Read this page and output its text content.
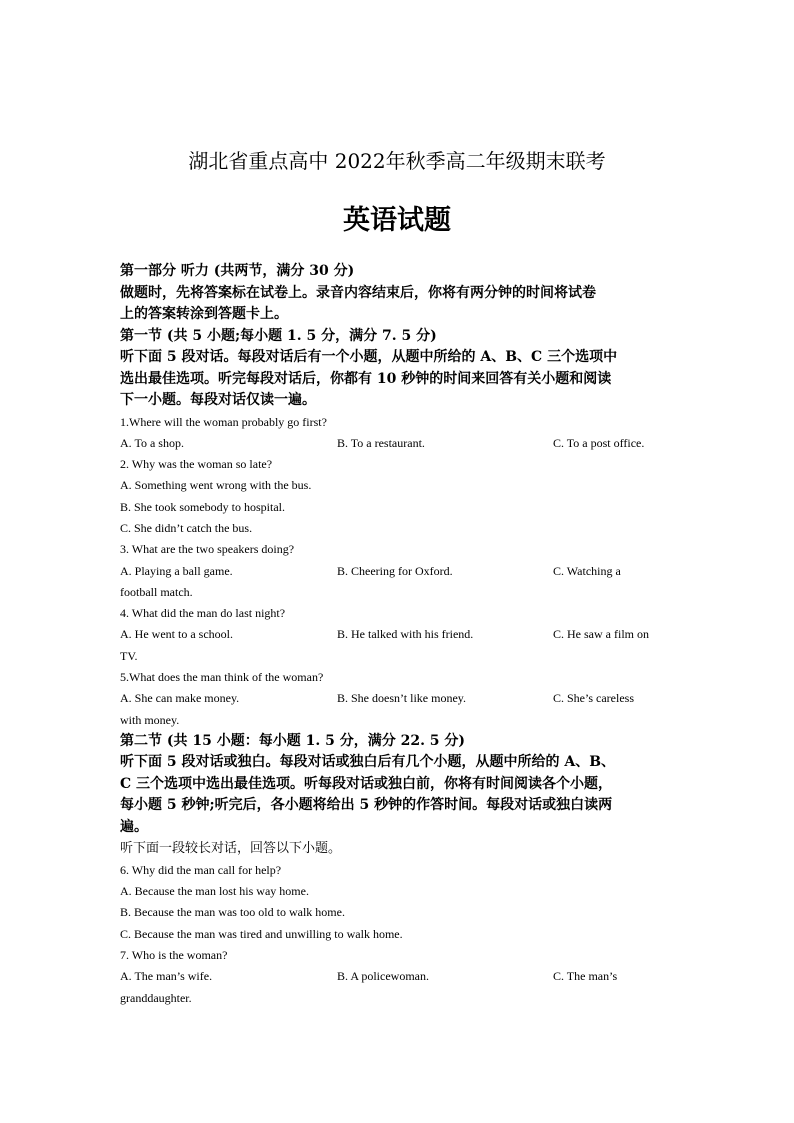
湖北省重点高中 2022年秋季高二年级期末联考
英语试题
第一部分 听力 (共两节，满分 30 分)
做题时，先将答案标在试卷上。录音内容结束后，你将有两分钟的时间将试卷
上的答案转涂到答题卡上。
第一节 (共 5 小题;每小题 1. 5 分，满分 7. 5 分)
听下面 5 段对话。每段对话后有一个小题，从题中所给的 A、B、C 三个选项中
选出最佳选项。听完每段对话后，你都有 10 秒钟的时间来回答有关小题和阅读
下一小题。每段对话仅读一遍。
1.Where will the woman probably go first?
A. To a shop.	B. To a restaurant.	C. To a post office.
2. Why was the woman so late?
A. Something went wrong with the bus.
B. She took somebody to hospital.
C. She didn’t catch the bus.
3. What are the two speakers doing?
A. Playing a ball game.	B. Cheering for Oxford.	C. Watching a
football match.
4. What did the man do last night?
A. He went to a school.	B. He talked with his friend.	C. He saw a film on
TV.
5.What does the man think of the woman?
A. She can make money.	B. She doesn’t like money.	C. She’s careless
with money.
第二节 (共 15 小题：每小题 1. 5 分，满分 22. 5 分)
听下面 5 段对话或独白。每段对话或独白后有几个小题，从题中所给的 A、B、
C 三个选项中选出最佳选项。听每段对话或独白前，你将有时间阅读各个小题，
每小题 5 秒钟;听完后，各小题将给出 5 秒钟的作答时间。每段对话或独白读两
遍。
听下面一段较长对话，回答以下小题。
6. Why did the man call for help?
A. Because the man lost his way home.
B. Because the man was too old to walk home.
C. Because the man was tired and unwilling to walk home.
7. Who is the woman?
A. The man’s wife.	B. A policewoman.	C. The man’s
granddaughter.
